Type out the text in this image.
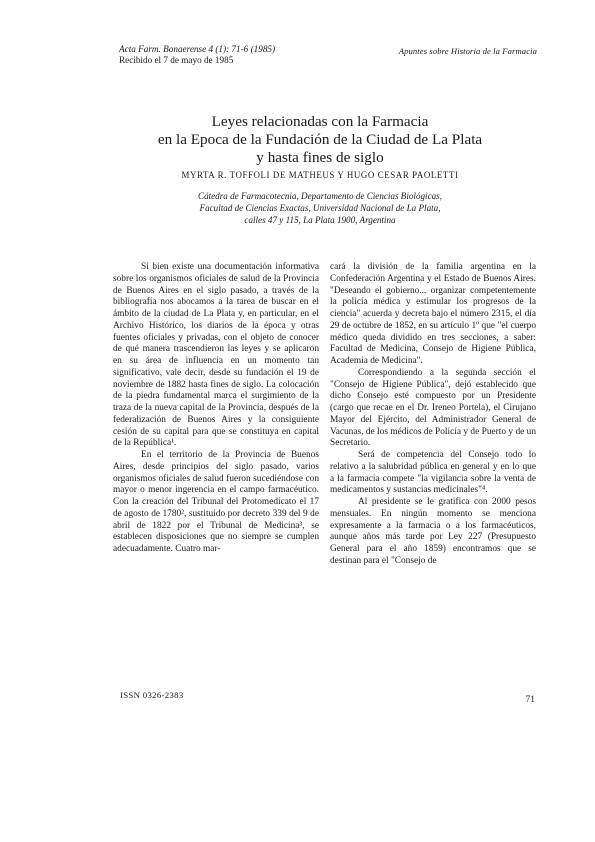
Acta Farm. Bonaerense 4 (1): 71-6 (1985)
Recibido el 7 de mayo de 1985
Apuntes sobre Historia de la Farmacia
Leyes relacionadas con la Farmacia
en la Epoca de la Fundación de la Ciudad de La Plata
y hasta fines de siglo
MYRTA R. TOFFOLI DE MATHEUS Y HUGO CESAR PAOLETTI
Cátedra de Farmacotecnia, Departamento de Ciencias Biológicas,
Facultad de Ciencias Exactas, Universidad Nacional de La Plata,
calles 47 y 115, La Plata 1900, Argentina

Si bien existe una documentación informativa sobre los organismos oficiales de salud de la Provincia de Buenos Aires en el siglo pasado, a través de la bibliografía nos abocamos a la tarea de buscar en el ámbito de la ciudad de La Plata y, en particular, en el Archivo Histórico, los diarios de la época y otras fuentes oficiales y privadas, con el objeto de conocer de qué manera trascendieron las leyes y se aplicaron en su área de influencia en un momento tan significativo, vale decir, desde su fundación el 19 de noviembre de 1882 hasta fines de siglo. La colocación de la piedra fundamental marca el surgimiento de la traza de la nueva capital de la Provincia, después de la federalización de Buenos Aires y la consiguiente cesión de su capital para que se constituya en capital de la República¹.

En el territorio de la Provincia de Buenos Aires, desde principios del siglo pasado, varios organismos oficiales de salud fueron sucediéndose con mayor o menor ingerencia en el campo farmacéutico. Con la creación del Tribunal del Protomedicato el 17 de agosto de 1780², sustituido por decreto 339 del 9 de abril de 1822 por el Tribunal de Medicina³, se establecen disposiciones que no siempre se cumplen adecuadamente. Cuatro mar-

cará la división de la familia argentina en la Confederación Argentina y el Estado de Buenos Aires. "Deseando el gobierno... organizar competentemente la policía médica y estimular los progresos de la ciencia" acuerda y decreta bajo el número 2315, el día 29 de octubre de 1852, en su artículo 1º que "el cuerpo médico queda dividido en tres secciones, a saber: Facultad de Medicina, Consejo de Higiene Pública, Academia de Medicina".

Correspondiendo a la segunda sección el "Consejo de Higiene Pública", dejó establecido que dicho Consejo esté compuesto por un Presidente (cargo que recae en el Dr. Ireneo Portela), el Cirujano Mayor del Ejército, del Administrador General de Vacunas, de los médicos de Policía y de Puerto y de un Secretario.

Será de competencia del Consejo todo lo relativo a la salubridad pública en general y en lo que a la farmacia compete "la vigilancia sobre la venta de medicamentos y sustancias medicinales"⁴.

Al presidente se le gratifica con 2000 pesos mensuales. En ningún momento se menciona expresamente a la farmacia o a los farmacéuticos, aunque años más tarde por Ley 227 (Presupuesto General para el año 1859) encontramos que se destinan para el "Consejo de

ISSN 0326-2383	71
